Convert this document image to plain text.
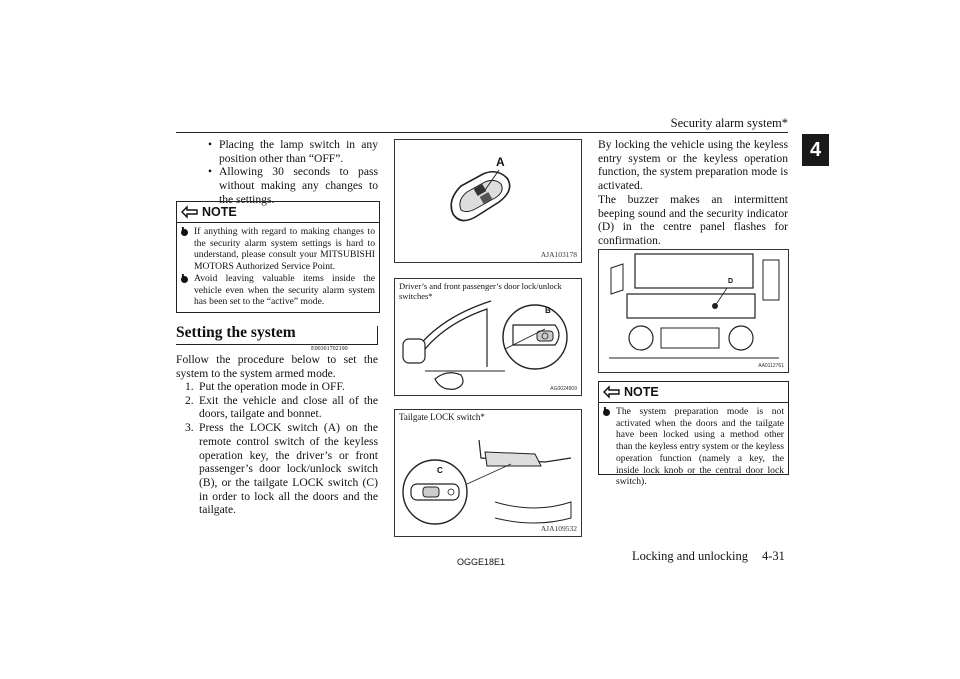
Security alarm system*
4
• Placing the lamp switch in any position other than “OFF”.
• Allowing 30 seconds to pass without making any changes to the settings.
NOTE
l If anything with regard to making changes to the security alarm system settings is hard to understand, please consult your MITSUBISHI MOTORS Authorized Service Point.
l Avoid leaving valuable items inside the vehicle even when the security alarm system has been set to the “active” mode.
Setting the system
E00301702190
Follow the procedure below to set the system to the system armed mode.
1. Put the operation mode in OFF.
2. Exit the vehicle and close all of the doors, tailgate and bonnet.
3. Press the LOCK switch (A) on the remote control switch of the keyless operation key, the driver’s or front passenger’s door lock/unlock switch (B), or the tailgate LOCK switch (C) in order to lock all the doors and the tailgate.
A
AJA103178
Driver’s and front passenger’s door lock/unlock switches*
B
AG0024909
Tailgate LOCK switch*
C
AJA109532
By locking the vehicle using the keyless entry system or the keyless operation function, the system preparation mode is activated.
The buzzer makes an intermittent beeping sound and the security indicator (D) in the centre panel flashes for confirmation.
D
AA0112761
NOTE
l The system preparation mode is not activated when the doors and the tailgate have been locked using a method other than the keyless entry system or the keyless operation function (namely a key, the inside lock knob or the central door lock switch).
OGGE18E1	Locking and unlocking 4-31
